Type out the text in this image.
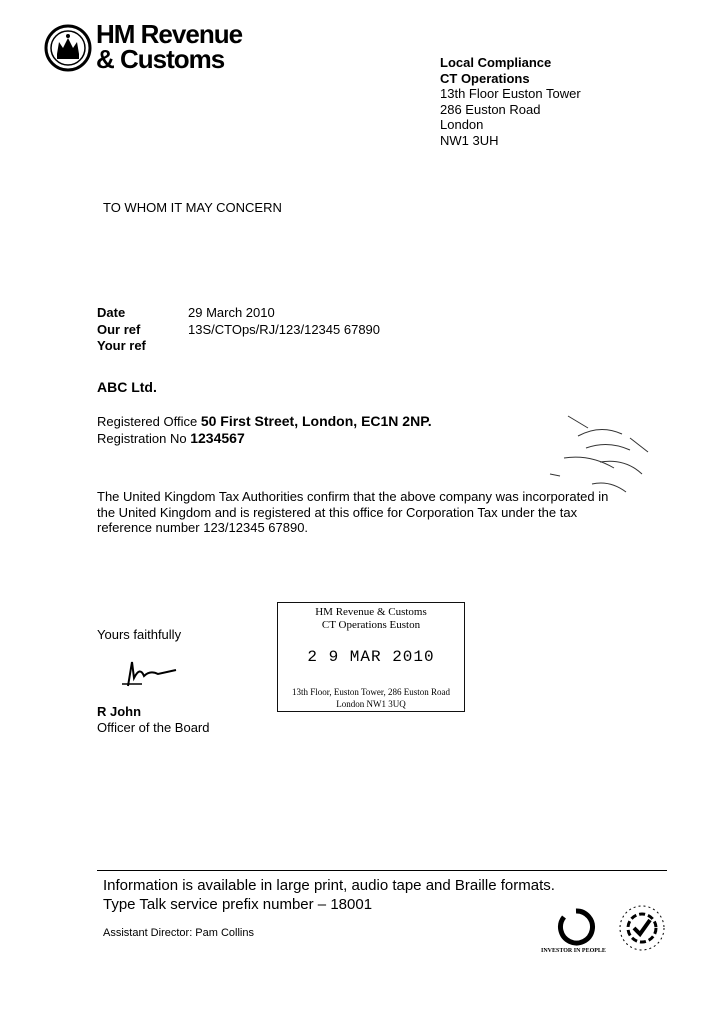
HM Revenue
& Customs	Local Compliance
CT Operations
13th Floor Euston Tower
286 Euston Road
London
NW1 3UH
TO WHOM IT MAY CONCERN
Date	29 March 2010
Our ref	13S/CTOps/RJ/123/12345 67890
Your ref
ABC Ltd.
Registered Office 50 First Street, London, EC1N 2NP.
Registration No 1234567
The United Kingdom Tax Authorities confirm that the above company was incorporated in
the United Kingdom and is registered at this office for Corporation Tax under the tax
reference number 123/12345 67890.
Yours faithfully
R John
Officer of the Board
HM Revenue & Customs
CT Operations Euston
2 9 MAR 2010
13th Floor, Euston Tower, 286 Euston Road
London NW1 3UQ
Information is available in large print, audio tape and Braille formats.
Type Talk service prefix number – 18001
Assistant Director: Pam Collins
INVESTOR IN PEOPLE
